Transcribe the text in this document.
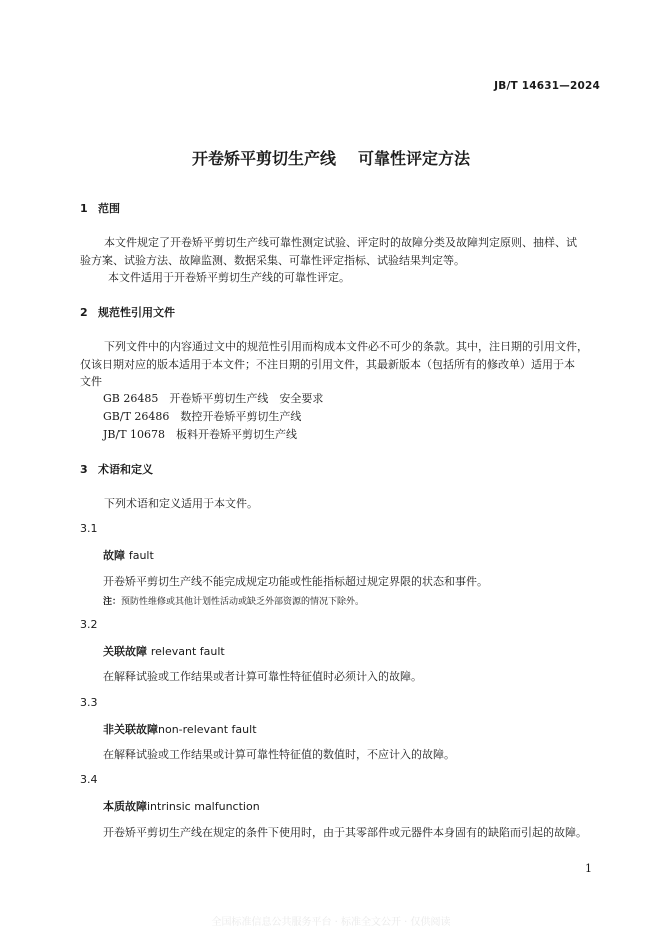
JB/T 14631—2024
开卷矫平剪切生产线 可靠性评定方法
1 范围
本文件规定了开卷矫平剪切生产线可靠性测定试验、评定时的故障分类及故障判定原则、抽样、试
验方案、试验方法、故障监测、数据采集、可靠性评定指标、试验结果判定等。
本文件适用于开卷矫平剪切生产线的可靠性评定。
2 规范性引用文件
下列文件中的内容通过文中的规范性引用而构成本文件必不可少的条款。其中，注日期的引用文件，
仅该日期对应的版本适用于本文件；不注日期的引用文件，其最新版本（包括所有的修改单）适用于本
文件
GB 26485　开卷矫平剪切生产线　安全要求
GB/T 26486　数控开卷矫平剪切生产线
JB/T 10678　板料开卷矫平剪切生产线
3 术语和定义
下列术语和定义适用于本文件。
3.1
故障 fault
开卷矫平剪切生产线不能完成规定功能或性能指标超过规定界限的状态和事件。
注：预防性维修或其他计划性活动或缺乏外部资源的情况下除外。
3.2
关联故障 relevant fault
在解释试验或工作结果或者计算可靠性特征值时必须计入的故障。
3.3
非关联故障non-relevant fault
在解释试验或工作结果或计算可靠性特征值的数值时，不应计入的故障。
3.4
本质故障intrinsic malfunction
开卷矫平剪切生产线在规定的条件下使用时，由于其零部件或元器件本身固有的缺陷而引起的故障。
1
全国标准信息公共服务平台 · 标准全文公开 · 仅供阅读
